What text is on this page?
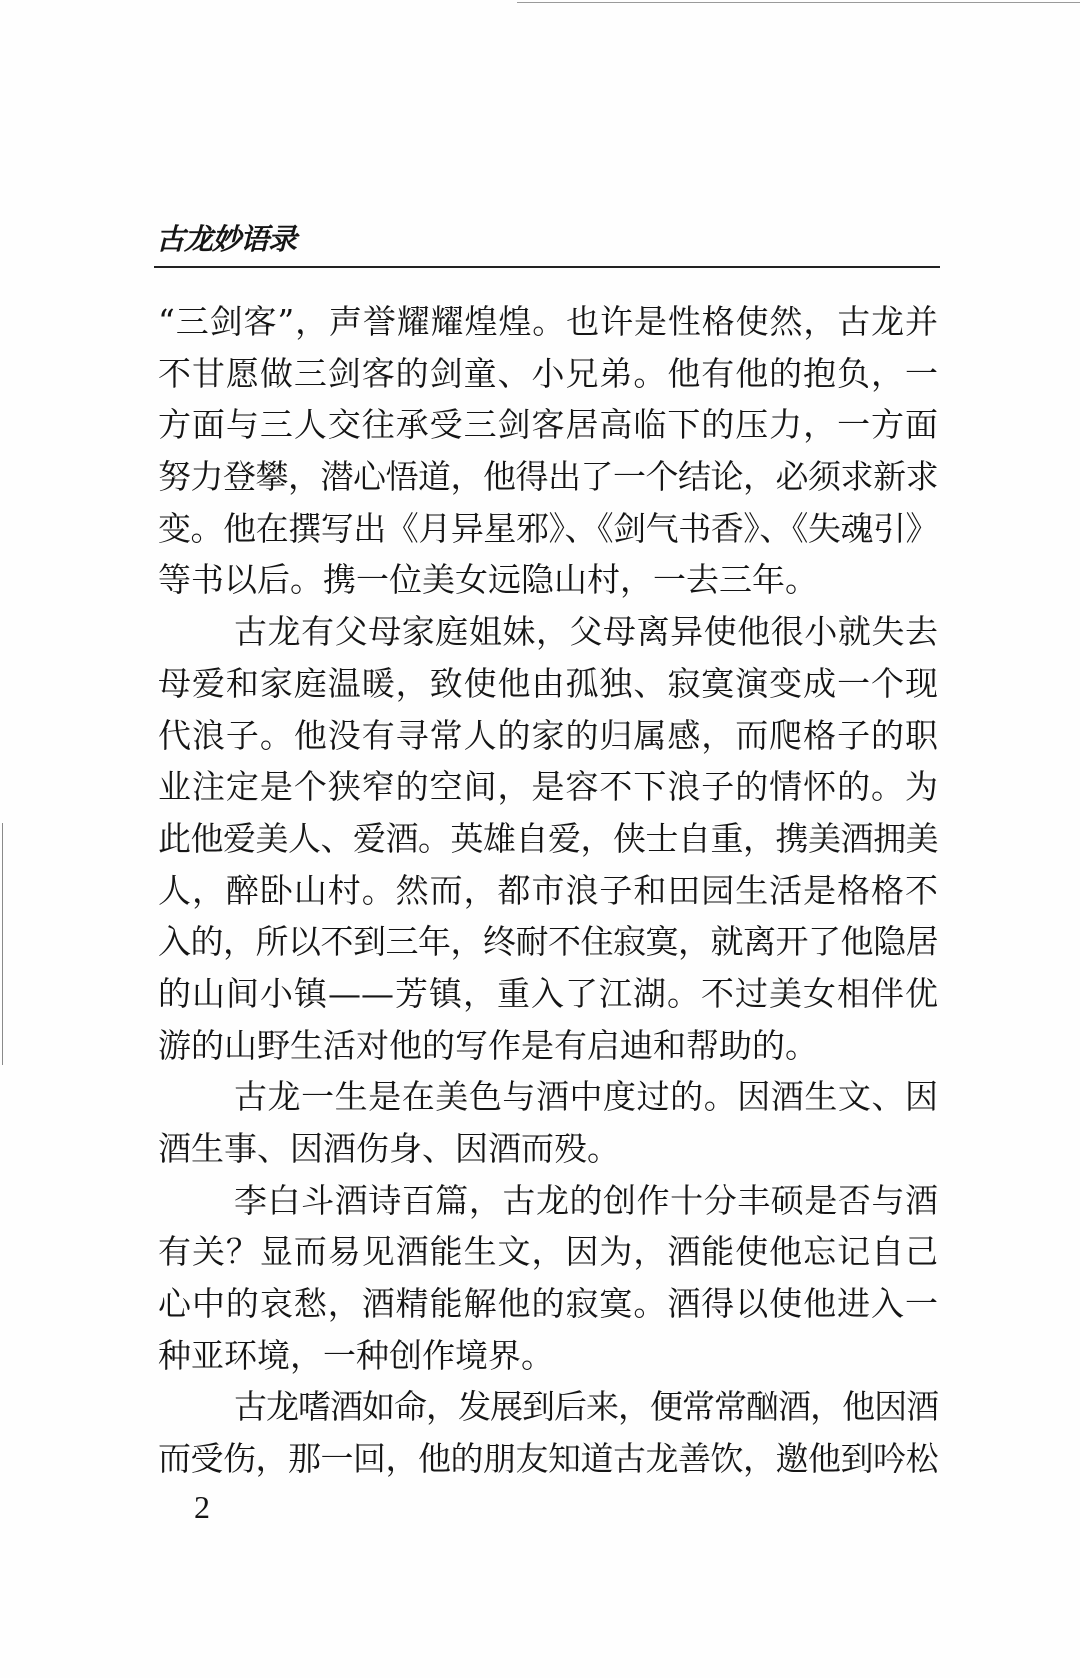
古龙妙语录
“三剑客”，声誉耀耀煌煌。也许是性格使然，古龙并
不甘愿做三剑客的剑童、小兄弟。他有他的抱负，一
方面与三人交往承受三剑客居高临下的压力，一方面
努力登攀，潜心悟道，他得出了一个结论，必须求新求
变。他在撰写出《月异星邪》、《剑气书香》、《失魂引》
等书以后。携一位美女远隐山村，一去三年。
古龙有父母家庭姐妹，父母离异使他很小就失去
母爱和家庭温暖，致使他由孤独、寂寞演变成一个现
代浪子。他没有寻常人的家的归属感，而爬格子的职
业注定是个狭窄的空间，是容不下浪子的情怀的。为
此他爱美人、爱酒。英雄自爱，侠士自重，携美酒拥美
人，醉卧山村。然而，都市浪子和田园生活是格格不
入的，所以不到三年，终耐不住寂寞，就离开了他隐居
的山间小镇——芳镇，重入了江湖。不过美女相伴优
游的山野生活对他的写作是有启迪和帮助的。
古龙一生是在美色与酒中度过的。因酒生文、因
酒生事、因酒伤身、因酒而殁。
李白斗酒诗百篇，古龙的创作十分丰硕是否与酒
有关？显而易见酒能生文，因为，酒能使他忘记自己
心中的哀愁，酒精能解他的寂寞。酒得以使他进入一
种亚环境，一种创作境界。
古龙嗜酒如命，发展到后来，便常常酗酒，他因酒
而受伤，那一回，他的朋友知道古龙善饮，邀他到吟松
2
